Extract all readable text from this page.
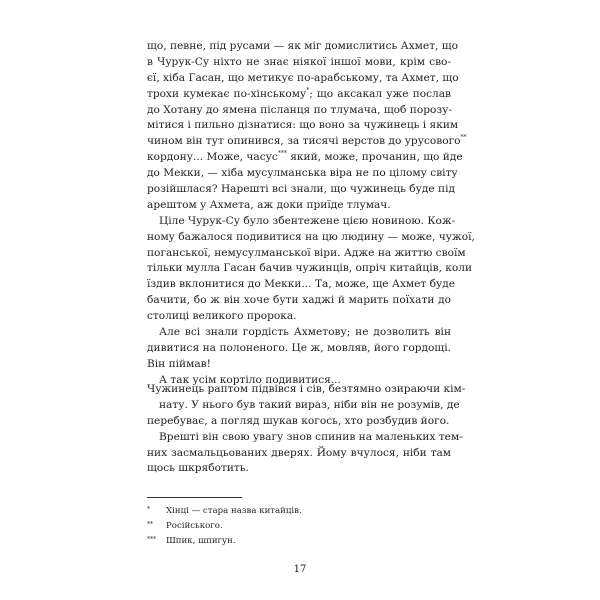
що, певне, під русами — як міг домислитись Ахмет, що
в Чурук-Су ніхто не знає ніякої іншої мови, крім сво-
єї, хіба Гасан, що метикує по-арабському, та Ахмет, що
трохи кумекає по-хінському*; що аксакал уже послав
до Хотану до ямена післанця по тлумача, щоб порозу-
мітися і пильно дізнатися: що воно за чужинець і яким
чином він тут опинився, за тисячі верстов до урусового**
кордону... Може, часус*** який, може, прочанин, що йде
до Мекки, — хіба мусулманська віра не по цілому світу
розійшлася? Нарешті всі знали, що чужинець буде під
арештом у Ахмета, аж доки приїде тлумач.
Ціле Чурук-Су було збентежене цією новиною. Кож-
ному бажалося подивитися на цю людину — може, чужої,
поганської, немусулманської віри. Адже на життю своїм
тільки мулла Гасан бачив чужинців, опріч китайців, коли
їздив вклонитися до Мекки... Та, може, ще Ахмет буде
бачити, бо ж він хоче бути хаджі й марить поїхати до
столиці великого пророка.
Але всі знали гордість Ахметову; не дозволить він
дивитися на полоненого. Це ж, мовляв, його гордощі.
Він піймав!
А так усім кортіло подивитися...
Чужинець раптом підвівся і сів, безтямно озираючи кім-
нату. У нього був такий вираз, ніби він не розумів, де
перебуває, а погляд шукав когось, хто розбудив його.
Врешті він свою увагу знов спинив на маленьких тем-
них засмальцьованих дверях. Йому вчулося, ніби там
щось шкряботить.
* Хінці — стара назва китайців.
** Російського.
*** Шпик, шпигун.
17
